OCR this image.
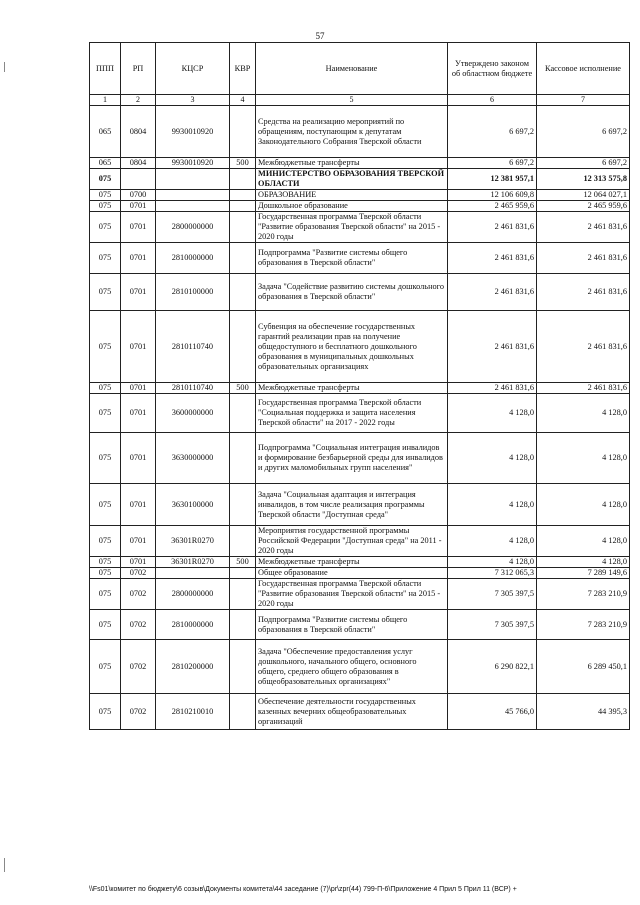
57
ППП	РП	КЦСР	КВР	Наименование	Утверждено законом об областном бюджете	Кассовое исполнение
1	2	3	4	5	6	7
065	0804	9930010920		Средства на реализацию мероприятий по обращениям, поступающим к депутатам Законодательного Собрания Тверской области	6 697,2	6 697,2
065	0804	9930010920	500	Межбюджетные трансферты	6 697,2	6 697,2
075				МИНИСТЕРСТВО ОБРАЗОВАНИЯ ТВЕРСКОЙ ОБЛАСТИ	12 381 957,1	12 313 575,8
075	0700			ОБРАЗОВАНИЕ	12 106 609,8	12 064 027,1
075	0701			Дошкольное образование	2 465 959,6	2 465 959,6
075	0701	2800000000		Государственная программа Тверской области "Развитие образования Тверской области" на 2015 - 2020 годы	2 461 831,6	2 461 831,6
075	0701	2810000000		Подпрограмма "Развитие системы общего образования в Тверской области"	2 461 831,6	2 461 831,6
075	0701	2810100000		Задача "Содействие развитию системы дошкольного образования в Тверской области"	2 461 831,6	2 461 831,6
075	0701	2810110740		Субвенция на обеспечение государственных гарантий реализации прав на получение общедоступного и бесплатного дошкольного образования в муниципальных дошкольных образовательных организациях	2 461 831,6	2 461 831,6
075	0701	2810110740	500	Межбюджетные трансферты	2 461 831,6	2 461 831,6
075	0701	3600000000		Государственная программа Тверской области "Социальная поддержка и защита населения Тверской области" на 2017 - 2022 годы	4 128,0	4 128,0
075	0701	3630000000		Подпрограмма "Социальная интеграция инвалидов и формирование безбарьерной среды для инвалидов и других маломобильных групп населения"	4 128,0	4 128,0
075	0701	3630100000		Задача "Социальная адаптация и интеграция инвалидов, в том числе реализация программы Тверской области "Доступная среда"	4 128,0	4 128,0
075	0701	36301R0270		Мероприятия государственной программы Российской Федерации "Доступная среда" на 2011 - 2020 годы	4 128,0	4 128,0
075	0701	36301R0270	500	Межбюджетные трансферты	4 128,0	4 128,0
075	0702			Общее образование	7 312 065,3	7 289 149,6
075	0702	2800000000		Государственная программа Тверской области "Развитие образования Тверской области" на 2015 - 2020 годы	7 305 397,5	7 283 210,9
075	0702	2810000000		Подпрограмма "Развитие системы общего образования в Тверской области"	7 305 397,5	7 283 210,9
075	0702	2810200000		Задача "Обеспечение предоставления услуг дошкольного, начального общего, основного общего, среднего общего образования в общеобразовательных организациях"	6 290 822,1	6 289 450,1
075	0702	2810210010		Обеспечение деятельности государственных казенных вечерних общеобразовательных организаций	45 766,0	44 395,3
\\Fs01\комитет по бюджету\6 созыв\Документы комитета\44 заседание (7)\pr\zpr(44) 799-П-6\Приложение 4 Прил 5 Прил 11 (ВСР) +
